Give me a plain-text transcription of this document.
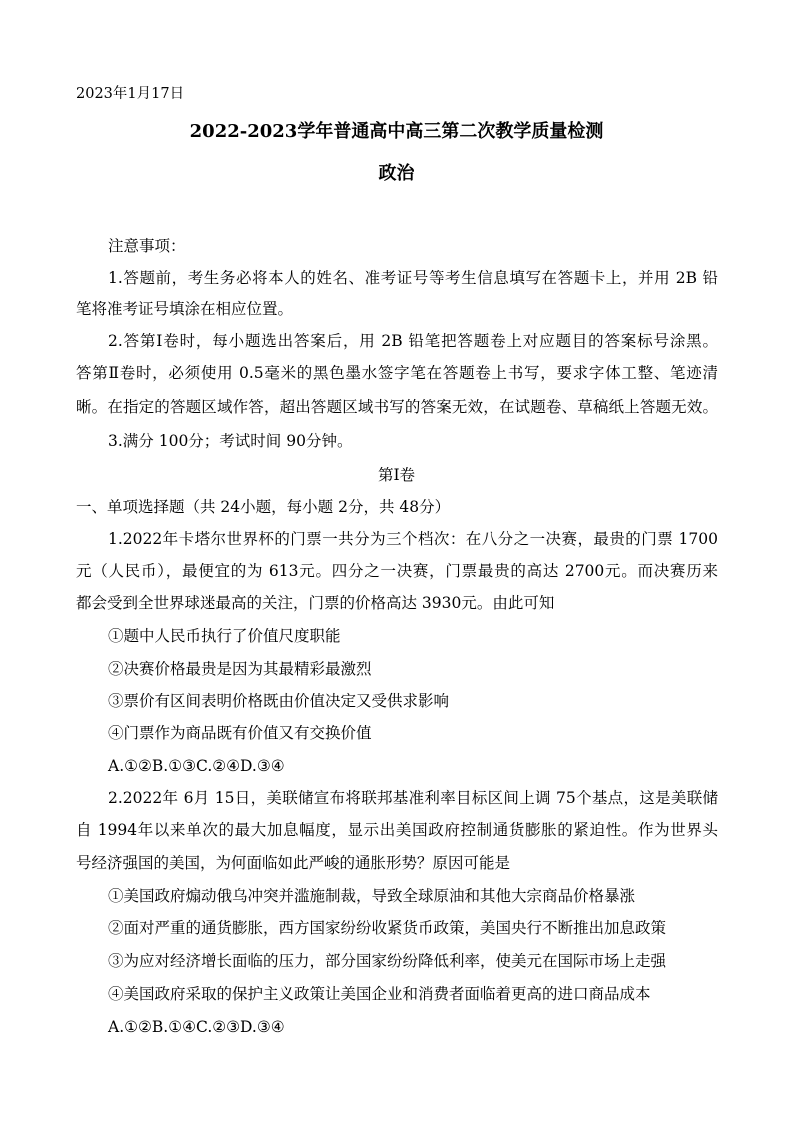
2023年1月17日
2022-2023学年普通高中高三第二次教学质量检测
政治
注意事项：
1.答题前，考生务必将本人的姓名、准考证号等考生信息填写在答题卡上，并用 2B 铅
笔将准考证号填涂在相应位置。
2.答第Ⅰ卷时，每小题选出答案后，用 2B 铅笔把答题卷上对应题目的答案标号涂黑。
答第Ⅱ卷时，必须使用 0.5毫米的黑色墨水签字笔在答题卷上书写，要求字体工整、笔迹清
晰。在指定的答题区域作答，超出答题区域书写的答案无效，在试题卷、草稿纸上答题无效。
3.满分 100分；考试时间 90分钟。
第Ⅰ卷
一、单项选择题（共 24小题，每小题 2分，共 48分）
1.2022年卡塔尔世界杯的门票一共分为三个档次：在八分之一决赛，最贵的门票 1700
元（人民币），最便宜的为 613元。四分之一决赛，门票最贵的高达 2700元。而决赛历来
都会受到全世界球迷最高的关注，门票的价格高达 3930元。由此可知
①题中人民币执行了价值尺度职能
②决赛价格最贵是因为其最精彩最激烈
③票价有区间表明价格既由价值决定又受供求影响
④门票作为商品既有价值又有交换价值
A.①②B.①③C.②④D.③④
2.2022年 6月 15日，美联储宣布将联邦基准利率目标区间上调 75个基点，这是美联储
自 1994年以来单次的最大加息幅度，显示出美国政府控制通货膨胀的紧迫性。作为世界头
号经济强国的美国，为何面临如此严峻的通胀形势？原因可能是
①美国政府煽动俄乌冲突并滥施制裁，导致全球原油和其他大宗商品价格暴涨
②面对严重的通货膨胀，西方国家纷纷收紧货币政策，美国央行不断推出加息政策
③为应对经济增长面临的压力，部分国家纷纷降低利率，使美元在国际市场上走强
④美国政府采取的保护主义政策让美国企业和消费者面临着更高的进口商品成本
A.①②B.①④C.②③D.③④
